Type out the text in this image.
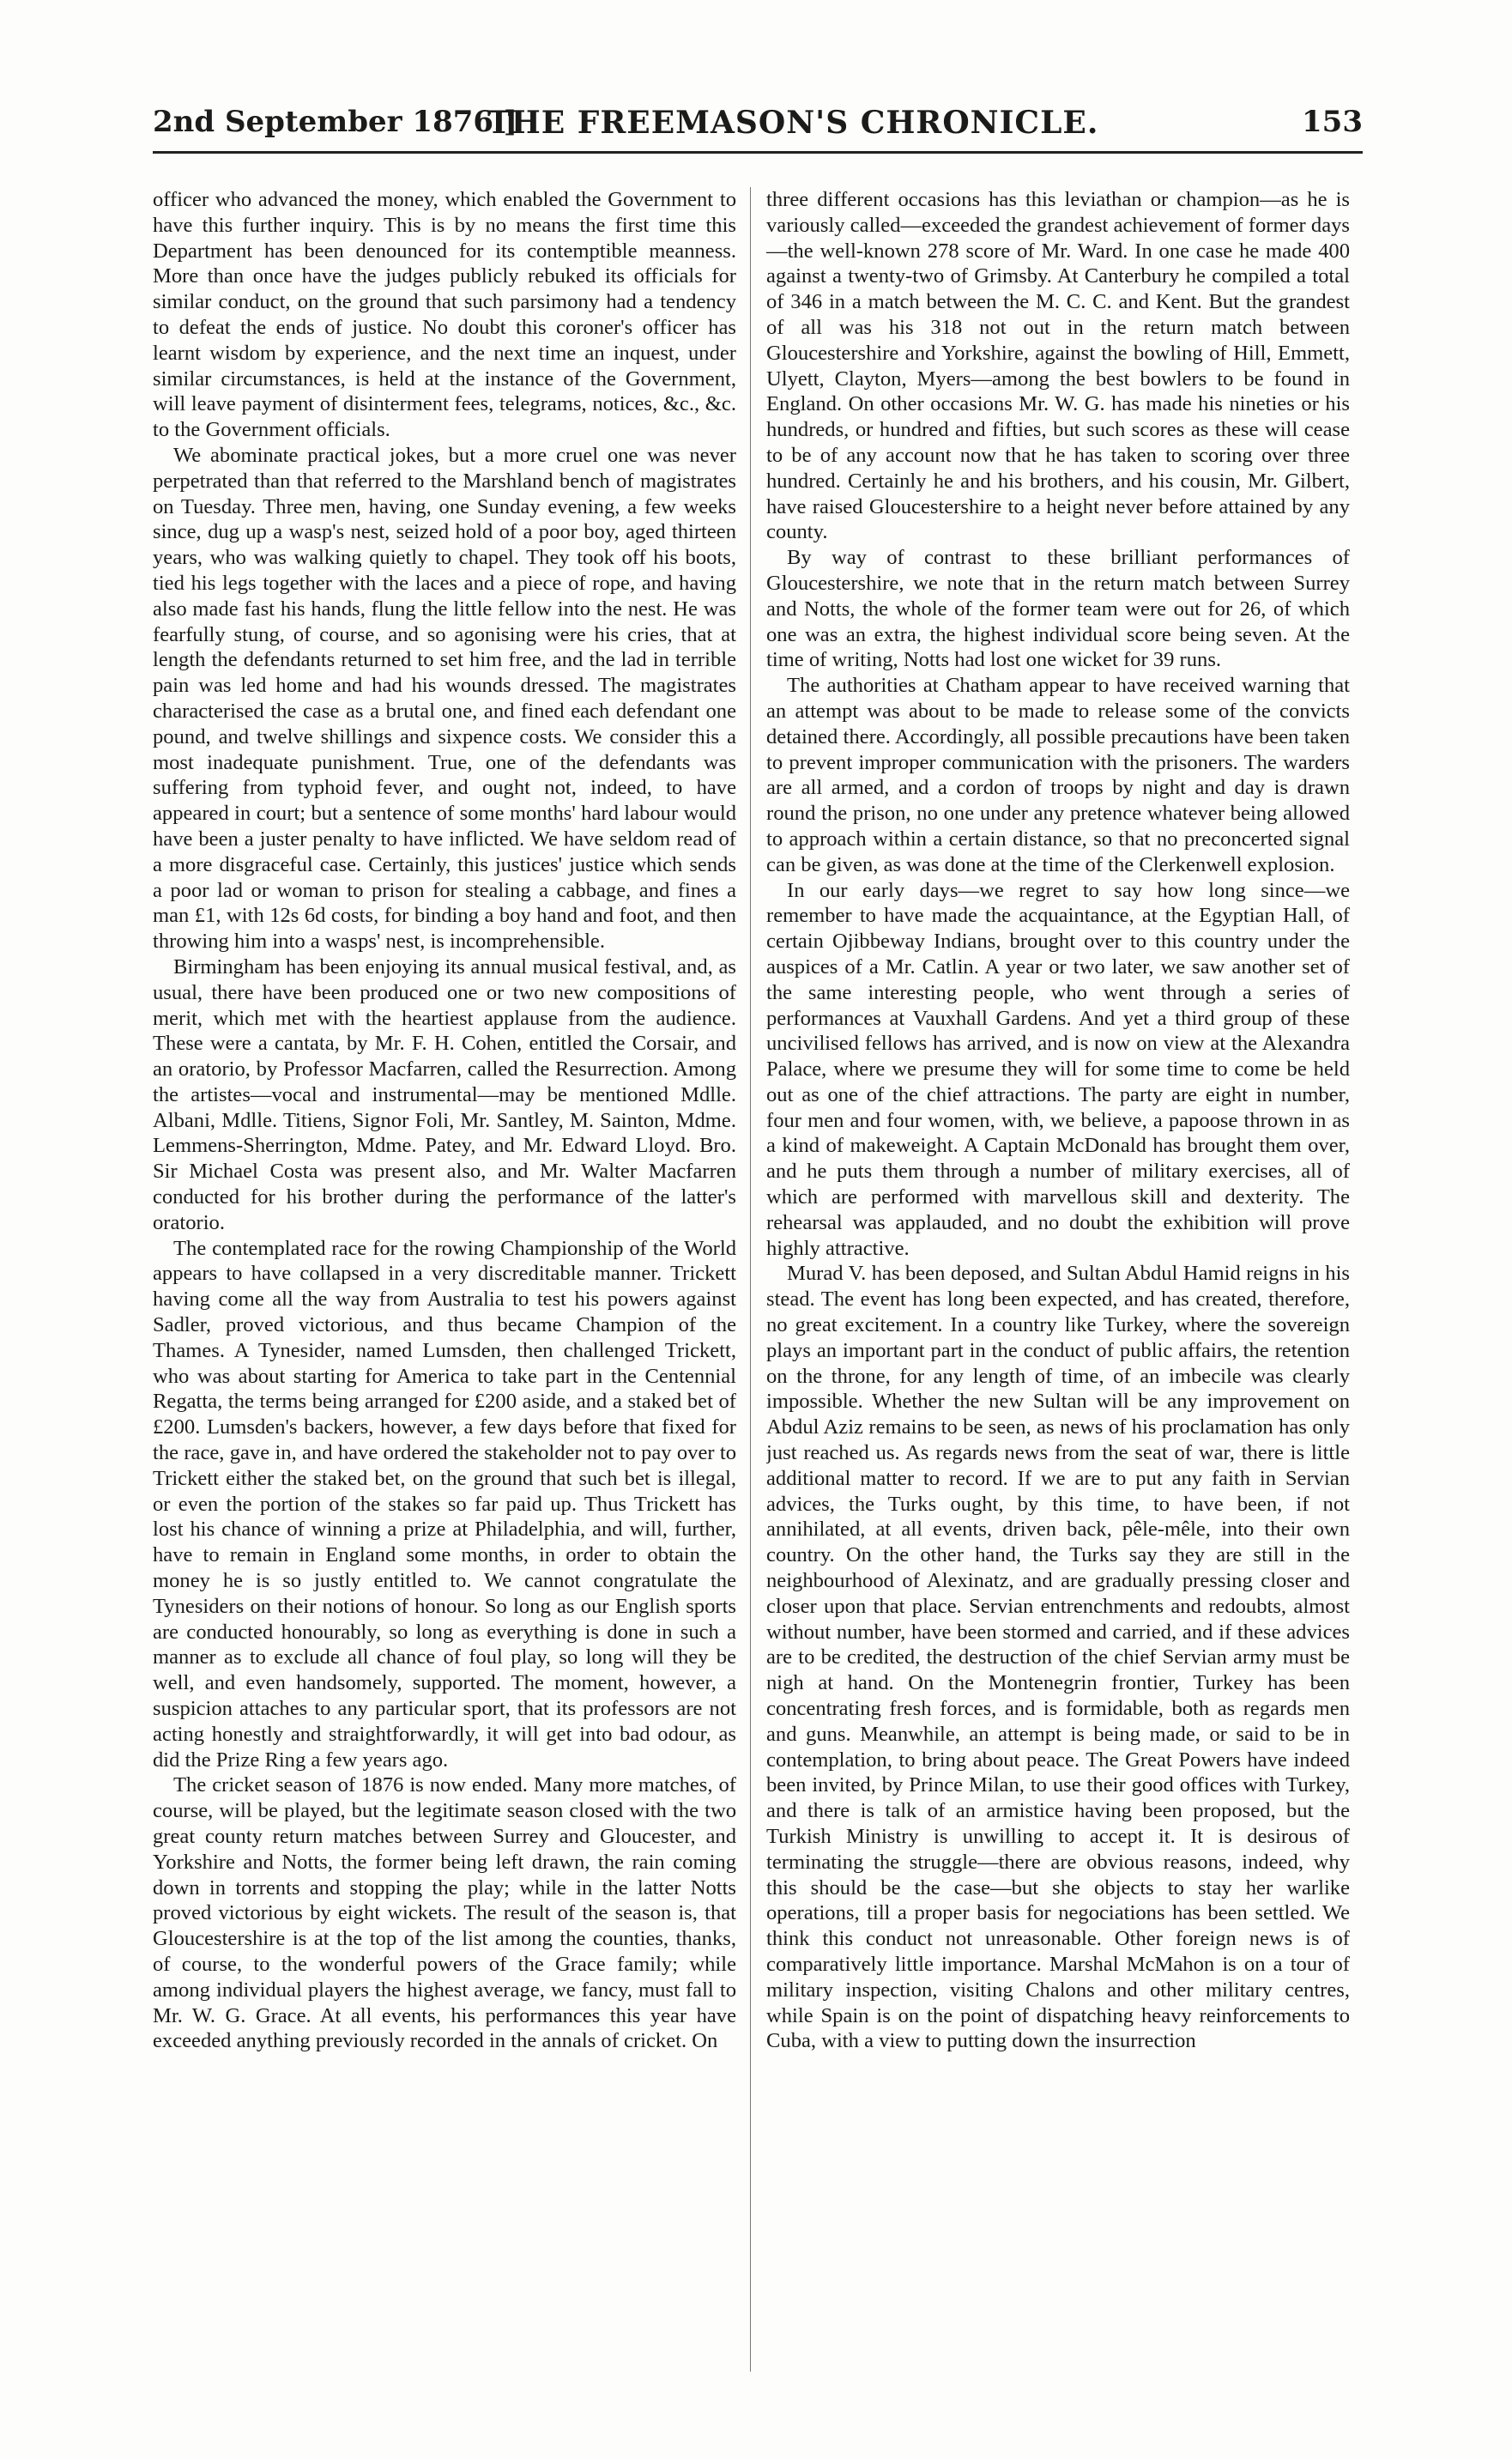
2nd September 1876.]
THE FREEMASON'S CHRONICLE.	153

officer who advanced the money, which enabled the Government to have this further inquiry. This is by no means the first time this Department has been denounced for its contemptible meanness. More than once have the judges publicly rebuked its officials for similar conduct, on the ground that such parsimony had a tendency to defeat the ends of justice. No doubt this coroner's officer has learnt wisdom by experience, and the next time an inquest, under similar circumstances, is held at the instance of the Government, will leave payment of disinterment fees, telegrams, notices, &c., &c. to the Government officials.

We abominate practical jokes, but a more cruel one was never perpetrated than that referred to the Marshland bench of magistrates on Tuesday. Three men, having, one Sunday evening, a few weeks since, dug up a wasp's nest, seized hold of a poor boy, aged thirteen years, who was walking quietly to chapel. They took off his boots, tied his legs together with the laces and a piece of rope, and having also made fast his hands, flung the little fellow into the nest. He was fearfully stung, of course, and so agonising were his cries, that at length the defendants returned to set him free, and the lad in terrible pain was led home and had his wounds dressed. The magistrates characterised the case as a brutal one, and fined each defendant one pound, and twelve shillings and sixpence costs. We consider this a most inadequate punishment. True, one of the defendants was suffering from typhoid fever, and ought not, indeed, to have appeared in court; but a sentence of some months' hard labour would have been a juster penalty to have inflicted. We have seldom read of a more disgraceful case. Certainly, this justices' justice which sends a poor lad or woman to prison for stealing a cabbage, and fines a man £1, with 12s 6d costs, for binding a boy hand and foot, and then throwing him into a wasps' nest, is incomprehensible.

Birmingham has been enjoying its annual musical festival, and, as usual, there have been produced one or two new compositions of merit, which met with the heartiest applause from the audience. These were a cantata, by Mr. F. H. Cohen, entitled the Corsair, and an oratorio, by Professor Macfarren, called the Resurrection. Among the artistes—vocal and instrumental—may be mentioned Mdlle. Albani, Mdlle. Titiens, Signor Foli, Mr. Santley, M. Sainton, Mdme. Lemmens-Sherrington, Mdme. Patey, and Mr. Edward Lloyd. Bro. Sir Michael Costa was present also, and Mr. Walter Macfarren conducted for his brother during the performance of the latter's oratorio.

The contemplated race for the rowing Championship of the World appears to have collapsed in a very discreditable manner. Trickett having come all the way from Australia to test his powers against Sadler, proved victorious, and thus became Champion of the Thames. A Tynesider, named Lumsden, then challenged Trickett, who was about starting for America to take part in the Centennial Regatta, the terms being arranged for £200 aside, and a staked bet of £200. Lumsden's backers, however, a few days before that fixed for the race, gave in, and have ordered the stakeholder not to pay over to Trickett either the staked bet, on the ground that such bet is illegal, or even the portion of the stakes so far paid up. Thus Trickett has lost his chance of winning a prize at Philadelphia, and will, further, have to remain in England some months, in order to obtain the money he is so justly entitled to. We cannot congratulate the Tynesiders on their notions of honour. So long as our English sports are conducted honourably, so long as everything is done in such a manner as to exclude all chance of foul play, so long will they be well, and even handsomely, supported. The moment, however, a suspicion attaches to any particular sport, that its professors are not acting honestly and straightforwardly, it will get into bad odour, as did the Prize Ring a few years ago.

The cricket season of 1876 is now ended. Many more matches, of course, will be played, but the legitimate season closed with the two great county return matches between Surrey and Gloucester, and Yorkshire and Notts, the former being left drawn, the rain coming down in torrents and stopping the play; while in the latter Notts proved victorious by eight wickets. The result of the season is, that Gloucestershire is at the top of the list among the counties, thanks, of course, to the wonderful powers of the Grace family; while among individual players the highest average, we fancy, must fall to Mr. W. G. Grace. At all events, his performances this year have exceeded anything previously recorded in the annals of cricket. On

three different occasions has this leviathan or champion—as he is variously called—exceeded the grandest achievement of former days—the well-known 278 score of Mr. Ward. In one case he made 400 against a twenty-two of Grimsby. At Canterbury he compiled a total of 346 in a match between the M. C. C. and Kent. But the grandest of all was his 318 not out in the return match between Gloucestershire and Yorkshire, against the bowling of Hill, Emmett, Ulyett, Clayton, Myers—among the best bowlers to be found in England. On other occasions Mr. W. G. has made his nineties or his hundreds, or hundred and fifties, but such scores as these will cease to be of any account now that he has taken to scoring over three hundred. Certainly he and his brothers, and his cousin, Mr. Gilbert, have raised Gloucestershire to a height never before attained by any county.

By way of contrast to these brilliant performances of Gloucestershire, we note that in the return match between Surrey and Notts, the whole of the former team were out for 26, of which one was an extra, the highest individual score being seven. At the time of writing, Notts had lost one wicket for 39 runs.

The authorities at Chatham appear to have received warning that an attempt was about to be made to release some of the convicts detained there. Accordingly, all possible precautions have been taken to prevent improper communication with the prisoners. The warders are all armed, and a cordon of troops by night and day is drawn round the prison, no one under any pretence whatever being allowed to approach within a certain distance, so that no preconcerted signal can be given, as was done at the time of the Clerkenwell explosion.

In our early days—we regret to say how long since—we remember to have made the acquaintance, at the Egyptian Hall, of certain Ojibbeway Indians, brought over to this country under the auspices of a Mr. Catlin. A year or two later, we saw another set of the same interesting people, who went through a series of performances at Vauxhall Gardens. And yet a third group of these uncivilised fellows has arrived, and is now on view at the Alexandra Palace, where we presume they will for some time to come be held out as one of the chief attractions. The party are eight in number, four men and four women, with, we believe, a papoose thrown in as a kind of makeweight. A Captain McDonald has brought them over, and he puts them through a number of military exercises, all of which are performed with marvellous skill and dexterity. The rehearsal was applauded, and no doubt the exhibition will prove highly attractive.

Murad V. has been deposed, and Sultan Abdul Hamid reigns in his stead. The event has long been expected, and has created, therefore, no great excitement. In a country like Turkey, where the sovereign plays an important part in the conduct of public affairs, the retention on the throne, for any length of time, of an imbecile was clearly impossible. Whether the new Sultan will be any improvement on Abdul Aziz remains to be seen, as news of his proclamation has only just reached us. As regards news from the seat of war, there is little additional matter to record. If we are to put any faith in Servian advices, the Turks ought, by this time, to have been, if not annihilated, at all events, driven back, pêle-mêle, into their own country. On the other hand, the Turks say they are still in the neighbourhood of Alexinatz, and are gradually pressing closer and closer upon that place. Servian entrenchments and redoubts, almost without number, have been stormed and carried, and if these advices are to be credited, the destruction of the chief Servian army must be nigh at hand. On the Montenegrin frontier, Turkey has been concentrating fresh forces, and is formidable, both as regards men and guns. Meanwhile, an attempt is being made, or said to be in contemplation, to bring about peace. The Great Powers have indeed been invited, by Prince Milan, to use their good offices with Turkey, and there is talk of an armistice having been proposed, but the Turkish Ministry is unwilling to accept it. It is desirous of terminating the struggle—there are obvious reasons, indeed, why this should be the case—but she objects to stay her warlike operations, till a proper basis for negociations has been settled. We think this conduct not unreasonable. Other foreign news is of comparatively little importance. Marshal McMahon is on a tour of military inspection, visiting Chalons and other military centres, while Spain is on the point of dispatching heavy reinforcements to Cuba, with a view to putting down the insurrection
